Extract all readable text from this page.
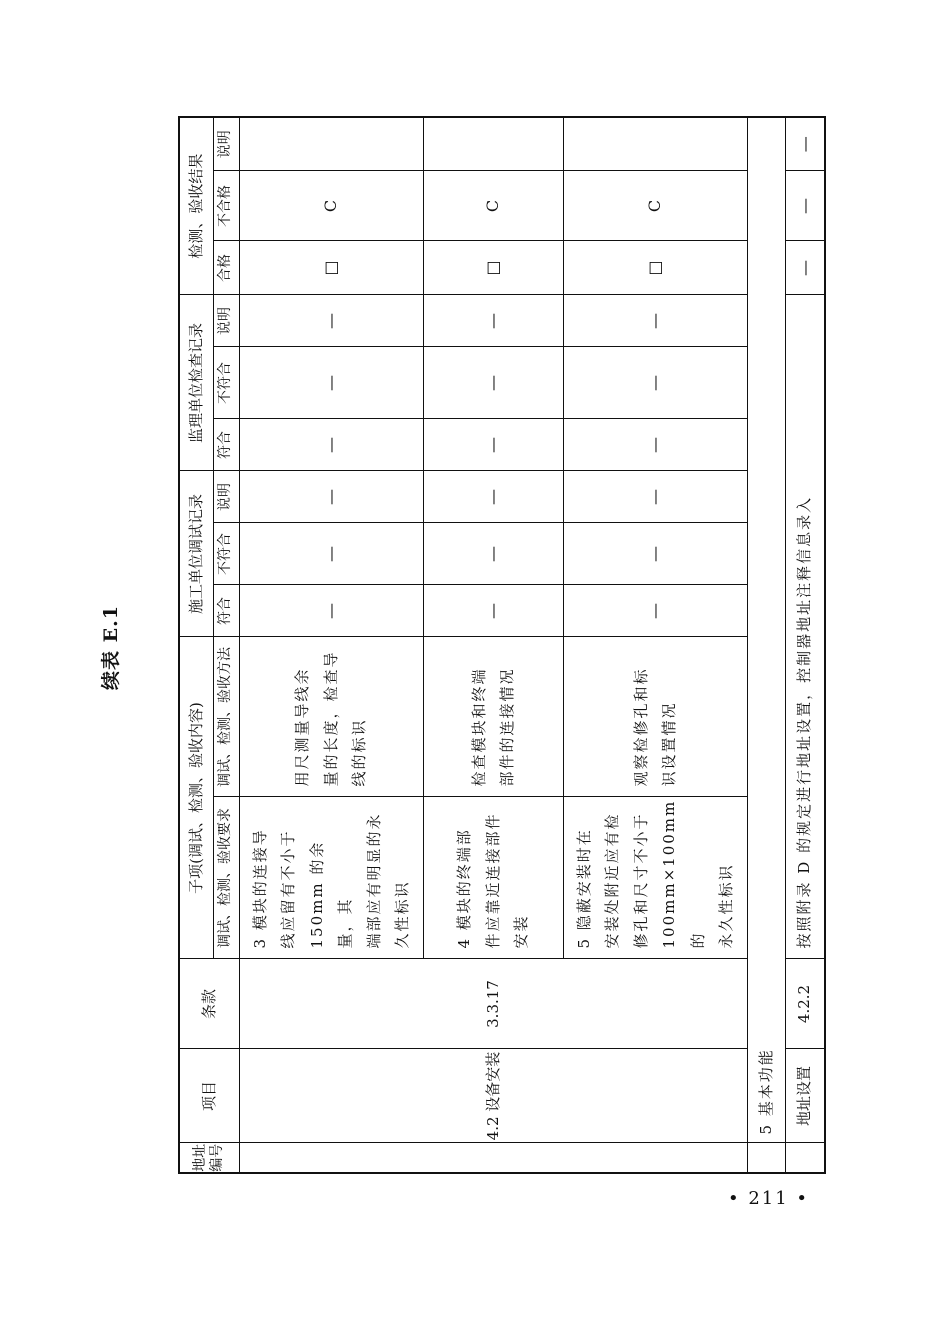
续表 E.1
地址编号	项目	条款	子项(调试、检测、验收内容)		施工单位调试记录			监理单位检查记录			检测、验收结果		
			调试、检测、验收要求	调试、检测、验收方法	符合	不符合	说明	符合	不符合	说明	合格	不合格	说明
	4.2 设备安装	3.3.17	3 模块的连接导 线应留有不小于 150mm 的余量，其 端部应有明显的永 久性标识	用尺测量导线余 量的长度，检查导 线的标识	—	—	—	—	—	—	□	C	

			4 模块的终端部 件应靠近连接部件 安装	检查模块和终端 部件的连接情况	—	—	—	—	—	—	□	C	

			5 隐蔽安装时在 安装处附近应有检 修孔和尺寸不小于 100mm×100mm 的 永久性标识	观察检修孔和标 识设置情况	—	—	—	—	—	—	□	C	
	5 基本功能												
	地址设置	4.2.2	按照附录 D 的规定进行地址设置，控制器地址注释信息录入								—	—	—
• 211 •
